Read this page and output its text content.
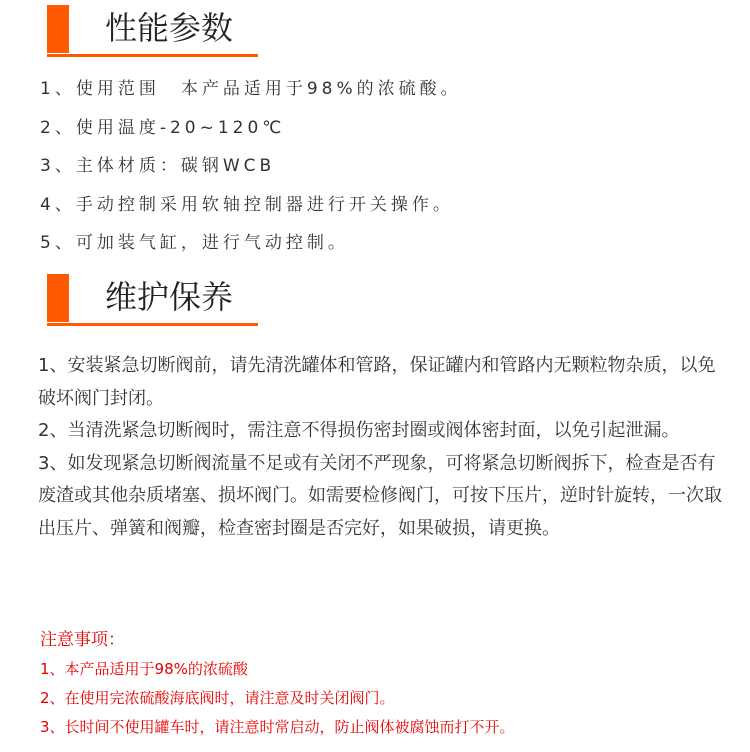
性能参数
1、使用范围　本产品适用于98%的浓硫酸。
2、使用温度-20~120℃
3、主体材质：碳钢WCB
4、手动控制采用软轴控制器进行开关操作。
5、可加装气缸，进行气动控制。
维护保养

1、安装紧急切断阀前，请先清洗罐体和管路，保证罐内和管路内无颗粒物杂质，以免破坏阀门封闭。

2、当清洗紧急切断阀时，需注意不得损伤密封圈或阀体密封面，以免引起泄漏。

3、如发现紧急切断阀流量不足或有关闭不严现象，可将紧急切断阀拆下，检查是否有废渣或其他杂质堵塞、损坏阀门。如需要检修阀门，可按下压片，逆时针旋转，一次取出压片、弹簧和阀瓣，检查密封圈是否完好，如果破损，请更换。

注意事项：

1、本产品适用于98%的浓硫酸
2、在使用完浓硫酸海底阀时，请注意及时关闭阀门。
3、长时间不使用罐车时，请注意时常启动，防止阀体被腐蚀而打不开。
